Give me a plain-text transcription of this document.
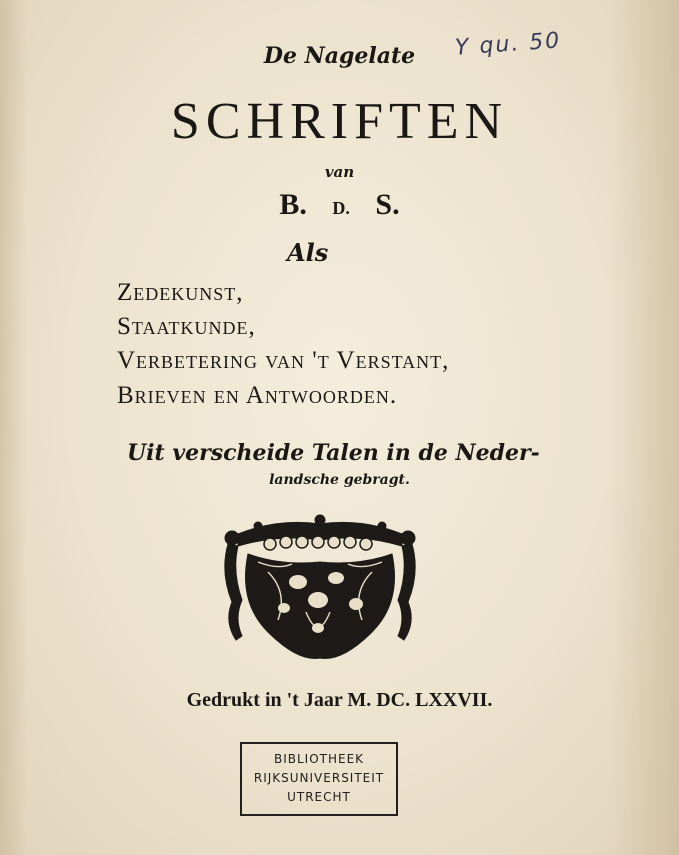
Y qu. 50
De Nagelate
SCHRIFTEN
van
B. D. S.
Als
Zedekunst,
Staatkunde,
Verbetering van 't Verstant,
Brieven en Antwoorden.
Uit verscheide Talen in de Neder-
landsche gebragt.
Gedrukt in 't Jaar M. DC. LXXVII.
BIBLIOTHEEK
RIJKSUNIVERSITEIT
UTRECHT
